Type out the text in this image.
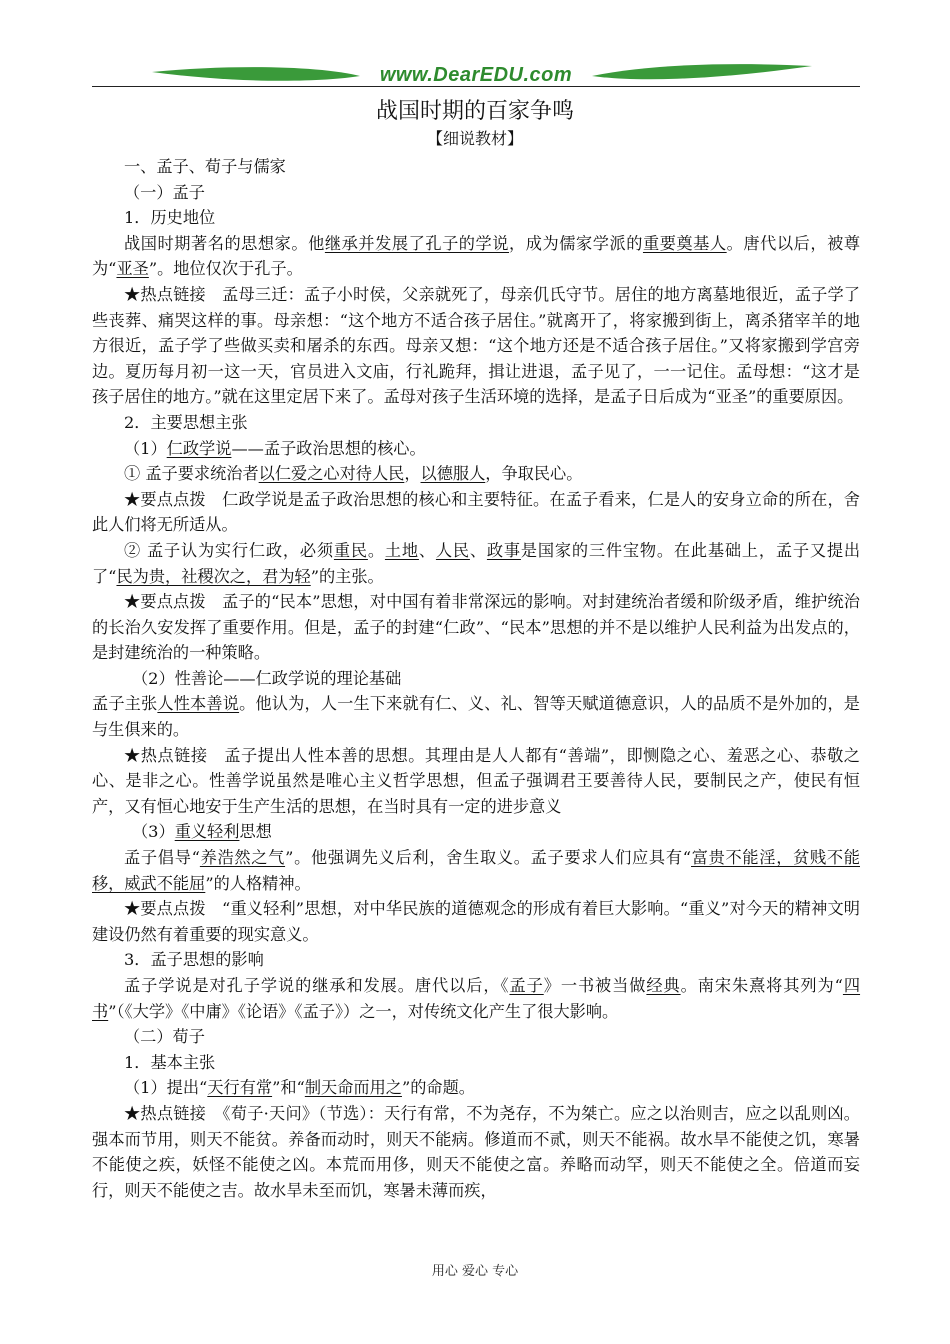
www.DearEDU.com
战国时期的百家争鸣
【细说教材】

一、孟子、荀子与儒家

（一）孟子

1．历史地位

战国时期著名的思想家。他继承并发展了孔子的学说，成为儒家学派的重要奠基人。唐代以后，被尊为“亚圣”。地位仅次于孔子。

★热点链接　孟母三迁：孟子小时侯，父亲就死了，母亲仉氏守节。居住的地方离墓地很近，孟子学了些丧葬、痛哭这样的事。母亲想：“这个地方不适合孩子居住。”就离开了，将家搬到街上，离杀猪宰羊的地方很近，孟子学了些做买卖和屠杀的东西。母亲又想：“这个地方还是不适合孩子居住。”又将家搬到学宫旁边。夏历每月初一这一天，官员进入文庙，行礼跪拜，揖让进退，孟子见了，一一记住。孟母想：“这才是孩子居住的地方。”就在这里定居下来了。孟母对孩子生活环境的选择，是孟子日后成为“亚圣”的重要原因。

2．主要思想主张

（1）仁政学说——孟子政治思想的核心。

① 孟子要求统治者以仁爱之心对待人民，以德服人，争取民心。

★要点点拨　仁政学说是孟子政治思想的核心和主要特征。在孟子看来，仁是人的安身立命的所在，舍此人们将无所适从。

② 孟子认为实行仁政，必须重民。土地、人民、政事是国家的三件宝物。在此基础上，孟子又提出了“民为贵，社稷次之，君为轻”的主张。

★要点点拨　孟子的“民本”思想，对中国有着非常深远的影响。对封建统治者缓和阶级矛盾，维护统治的长治久安发挥了重要作用。但是，孟子的封建“仁政”、“民本”思想的并不是以维护人民利益为出发点的，是封建统治的一种策略。

（2）性善论——仁政学说的理论基础

孟子主张人性本善说。他认为，人一生下来就有仁、义、礼、智等天赋道德意识，人的品质不是外加的，是与生俱来的。

★热点链接　孟子提出人性本善的思想。其理由是人人都有“善端”，即恻隐之心、羞恶之心、恭敬之心、是非之心。性善学说虽然是唯心主义哲学思想，但孟子强调君王要善待人民，要制民之产，使民有恒产，又有恒心地安于生产生活的思想，在当时具有一定的进步意义

（3）重义轻利思想

孟子倡导“养浩然之气”。他强调先义后利，舍生取义。孟子要求人们应具有“富贵不能淫，贫贱不能移，威武不能屈”的人格精神。

★要点点拨　“重义轻利”思想，对中华民族的道德观念的形成有着巨大影响。“重义”对今天的精神文明建设仍然有着重要的现实意义。

3．孟子思想的影响

孟子学说是对孔子学说的继承和发展。唐代以后，《孟子》一书被当做经典。南宋朱熹将其列为“四书”（《大学》《中庸》《论语》《孟子》）之一，对传统文化产生了很大影响。

（二）荀子

1．基本主张

（1）提出“天行有常”和“制天命而用之”的命题。

★热点链接　《荀子·天问》（节选）：天行有常，不为尧存，不为桀亡。应之以治则吉，应之以乱则凶。强本而节用，则天不能贫。养备而动时，则天不能病。修道而不贰，则天不能祸。故水旱不能使之饥，寒暑不能使之疾，妖怪不能使之凶。本荒而用侈，则天不能使之富。养略而动罕，则天不能使之全。倍道而妄行，则天不能使之吉。故水旱未至而饥，寒暑未薄而疾，

用心 爱心 专心
